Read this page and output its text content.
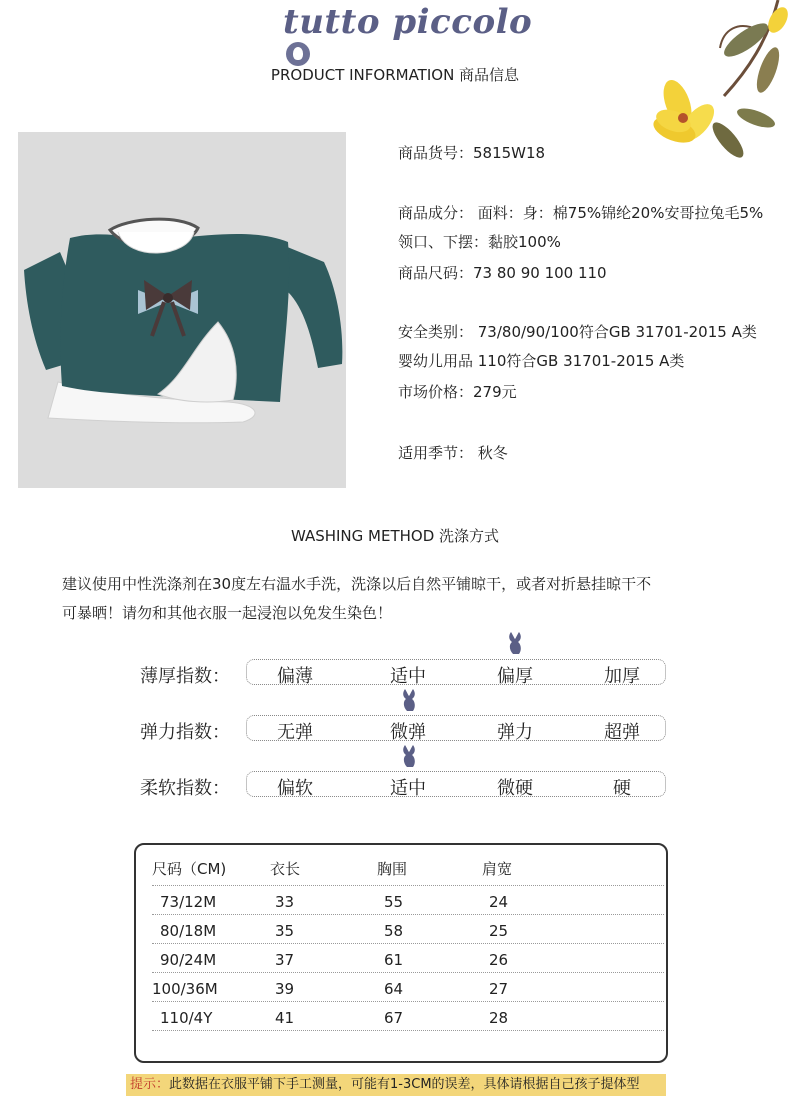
tutto piccolo
PRODUCT INFORMATION 商品信息
商品货号：5815W18
商品成分： 面料：身：棉75%锦纶20%安哥拉兔毛5%
领口、下摆：黏胶100%
商品尺码：73 80 90 100 110
安全类别： 73/80/90/100符合GB 31701-2015 A类
婴幼儿用品 110符合GB 31701-2015 A类
市场价格：279元
适用季节： 秋冬
WASHING METHOD 洗涤方式
建议使用中性洗涤剂在30度左右温水手洗，洗涤以后自然平铺晾干，或者对折悬挂晾干不
可暴晒！请勿和其他衣服一起浸泡以免发生染色！
薄厚指数：	偏薄	适中	偏厚	加厚
弹力指数：	无弹	微弹	弹力	超弹
柔软指数：	偏软	适中	微硬	硬
尺码（CM)	衣长	胸围	肩宽
73/12M	33	55	24
80/18M	35	58	25
90/24M	37	61	26
100/36M	39	64	27
110/4Y	41	67	28
提示：此数据在衣服平铺下手工测量，可能有1-3CM的误差，具体请根据自己孩子提体型
